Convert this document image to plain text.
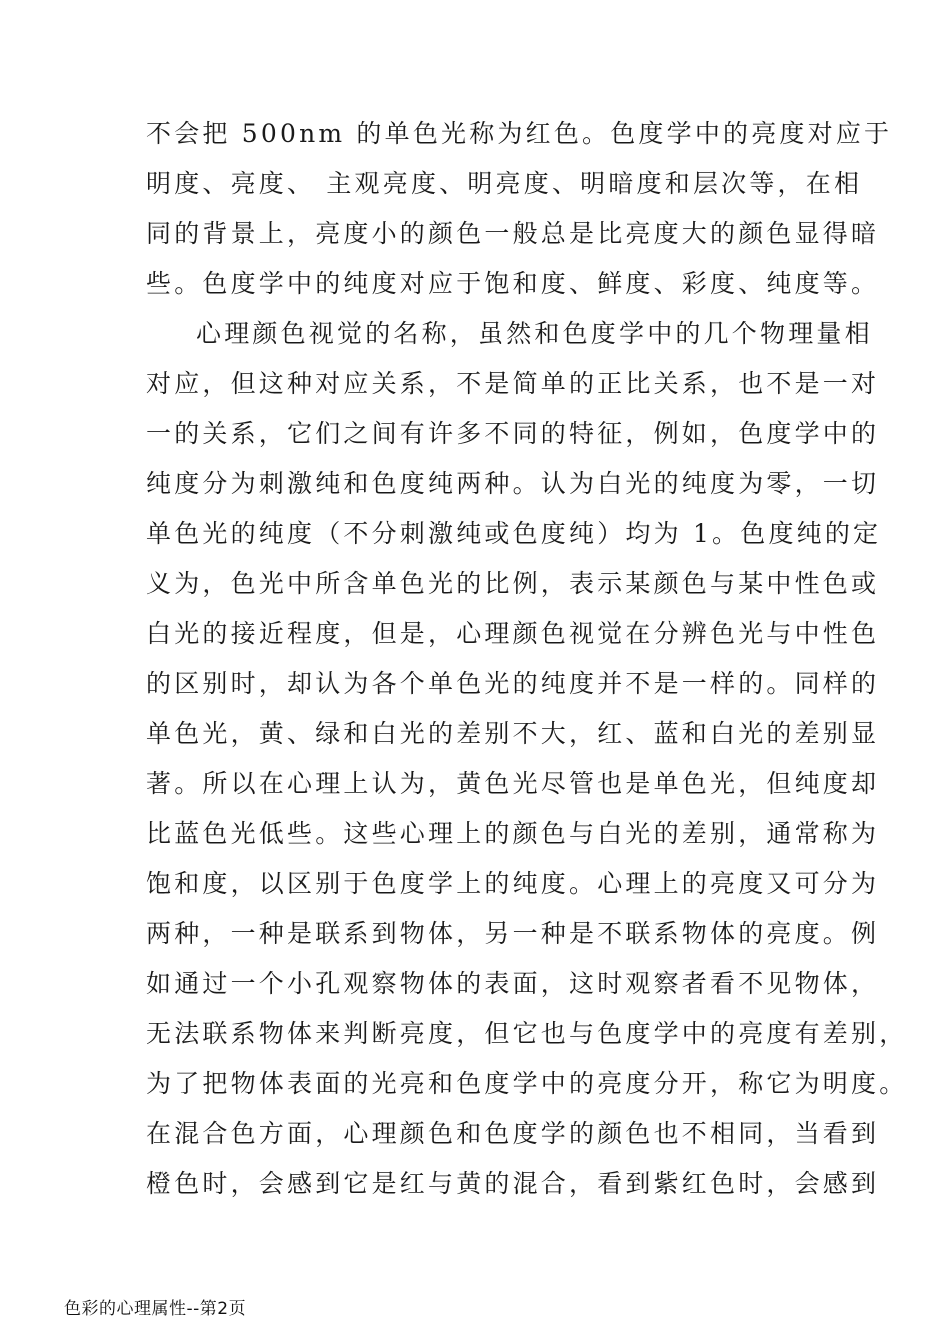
不会把 500nm 的单色光称为红色。色度学中的亮度对应于
明度、亮度、 主观亮度、明亮度、明暗度和层次等，在相
同的背景上，亮度小的颜色一般总是比亮度大的颜色显得暗
些。色度学中的纯度对应于饱和度、鲜度、彩度、纯度等。
心理颜色视觉的名称，虽然和色度学中的几个物理量相
对应，但这种对应关系，不是简单的正比关系，也不是一对
一的关系，它们之间有许多不同的特征，例如，色度学中的
纯度分为刺激纯和色度纯两种。认为白光的纯度为零，一切
单色光的纯度（不分刺激纯或色度纯）均为 1。色度纯的定
义为，色光中所含单色光的比例，表示某颜色与某中性色或
白光的接近程度，但是，心理颜色视觉在分辨色光与中性色
的区别时，却认为各个单色光的纯度并不是一样的。同样的
单色光，黄、绿和白光的差别不大，红、蓝和白光的差别显
著。所以在心理上认为，黄色光尽管也是单色光，但纯度却
比蓝色光低些。这些心理上的颜色与白光的差别，通常称为
饱和度，以区别于色度学上的纯度。心理上的亮度又可分为
两种，一种是联系到物体，另一种是不联系物体的亮度。例
如通过一个小孔观察物体的表面，这时观察者看不见物体，
无法联系物体来判断亮度，但它也与色度学中的亮度有差别，
为了把物体表面的光亮和色度学中的亮度分开，称它为明度。
在混合色方面，心理颜色和色度学的颜色也不相同，当看到
橙色时，会感到它是红与黄的混合，看到紫红色时，会感到
色彩的心理属性--第2页
